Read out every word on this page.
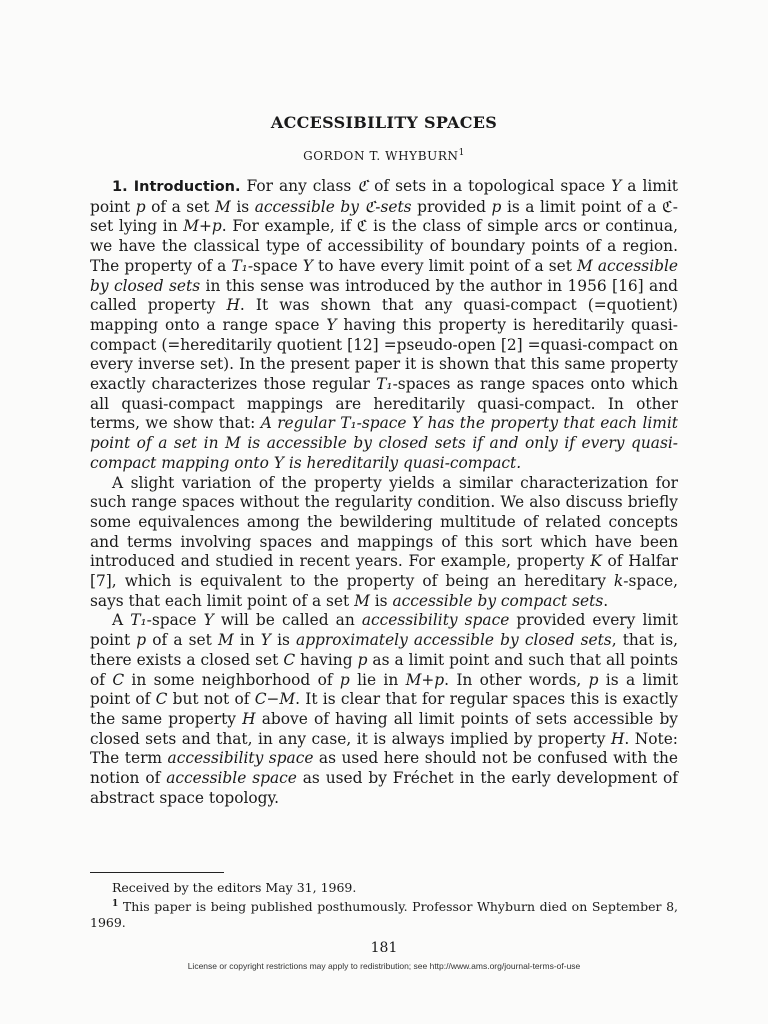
ACCESSIBILITY SPACES
GORDON T. WHYBURN$^1$

1. Introduction. For any class ℭ of sets in a topological space Y a limit point p of a set M is accessible by ℭ-sets provided p is a limit point of a ℭ-set lying in M+p. For example, if ℭ is the class of simple arcs or continua, we have the classical type of accessibility of boundary points of a region. The property of a T₁-space Y to have every limit point of a set M accessible by closed sets in this sense was introduced by the author in 1956 [16] and called property H. It was shown that any quasi-compact (=quotient) mapping onto a range space Y having this property is hereditarily quasi-compact (=hereditarily quotient [12] =pseudo-open [2] =quasi-compact on every inverse set). In the present paper it is shown that this same property exactly characterizes those regular T₁-spaces as range spaces onto which all quasi-compact mappings are hereditarily quasi-compact. In other terms, we show that: A regular T₁-space Y has the property that each limit point of a set in M is accessible by closed sets if and only if every quasi-compact mapping onto Y is hereditarily quasi-compact.

A slight variation of the property yields a similar characterization for such range spaces without the regularity condition. We also discuss briefly some equivalences among the bewildering multitude of related concepts and terms involving spaces and mappings of this sort which have been introduced and studied in recent years. For example, property K of Halfar [7], which is equivalent to the property of being an hereditary k-space, says that each limit point of a set M is accessible by compact sets.

A T₁-space Y will be called an accessibility space provided every limit point p of a set M in Y is approximately accessible by closed sets, that is, there exists a closed set C having p as a limit point and such that all points of C in some neighborhood of p lie in M+p. In other words, p is a limit point of C but not of C−M. It is clear that for regular spaces this is exactly the same property H above of having all limit points of sets accessible by closed sets and that, in any case, it is always implied by property H. Note: The term accessibility space as used here should not be confused with the notion of accessible space as used by Fréchet in the early development of abstract space topology.

Received by the editors May 31, 1969.

$^1$ This paper is being published posthumously. Professor Whyburn died on September 8, 1969.

181
License or copyright restrictions may apply to redistribution; see http://www.ams.org/journal-terms-of-use
